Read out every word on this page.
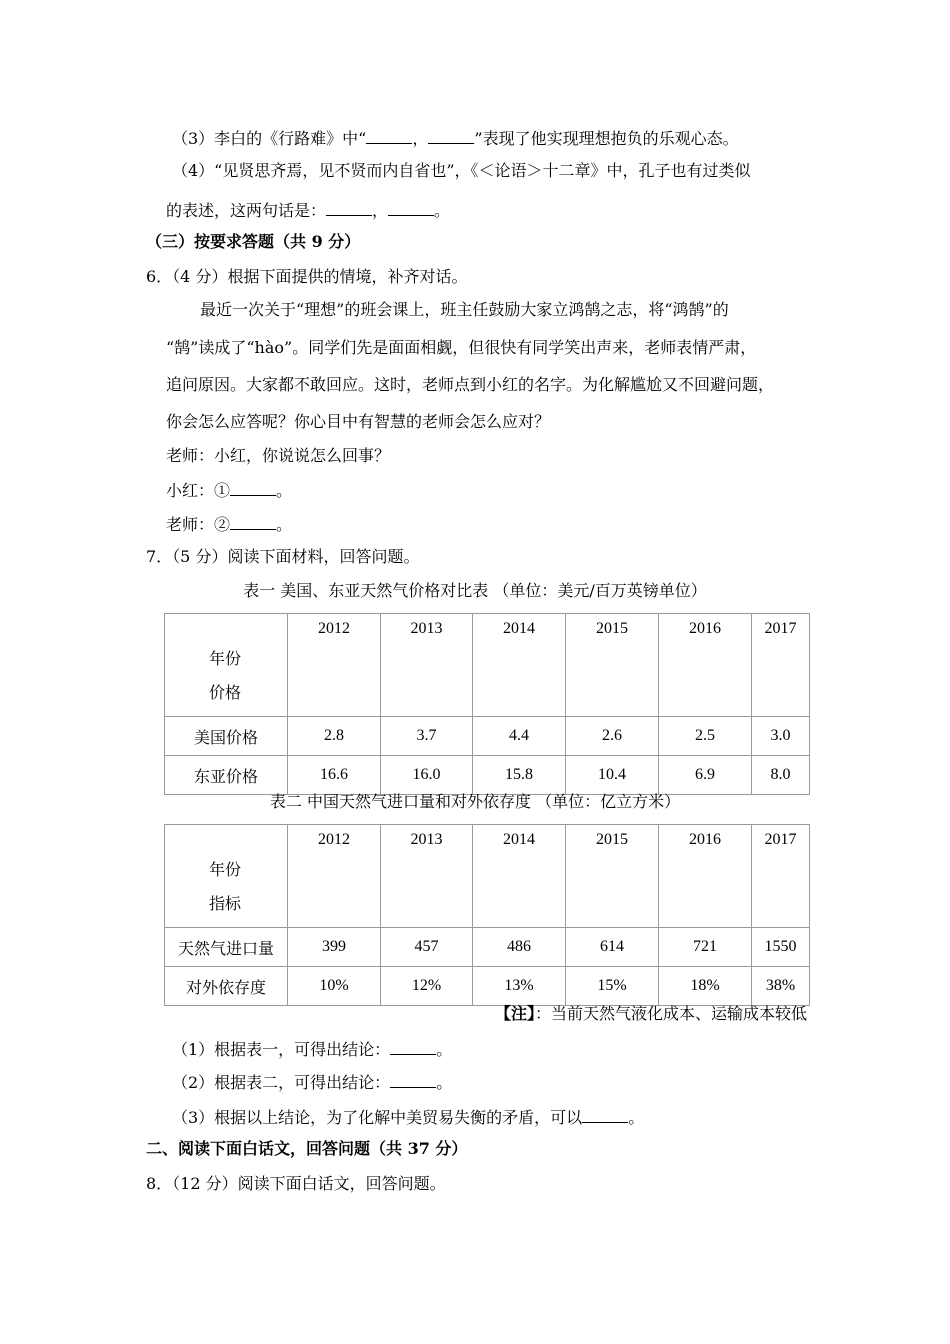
（3）李白的《行路难》中“	，	”表现了他实现理想抱负的乐观心态。
（4）“见贤思齐焉，见不贤而内自省也”，《＜论语＞十二章》中，孔子也有过类似
的表述，这两句话是：	，	。
（三）按要求答题（共 9 分）
6．（4 分）根据下面提供的情境，补齐对话。
最近一次关于“理想”的班会课上，班主任鼓励大家立鸿鹄之志，将“鸿鹄”的
“鹄”读成了“hào”。同学们先是面面相觑，但很快有同学笑出声来，老师表情严肃，
追问原因。大家都不敢回应。这时，老师点到小红的名字。为化解尴尬又不回避问题，
你会怎么应答呢？你心目中有智慧的老师会怎么应对？
老师：小红，你说说怎么回事？
小红：①	。
老师：②	。
7．（5 分）阅读下面材料，回答问题。
表一 美国、东亚天然气价格对比表 （单位：美元/百万英镑单位）
年份
价格	2012	2013	2014	2015	2016	2017
美国价格	2.8	3.7	4.4	2.6	2.5	3.0
东亚价格	16.6	16.0	15.8	10.4	6.9	8.0
表二 中国天然气进口量和对外依存度 （单位：亿立方米）
年份
指标	2012	2013	2014	2015	2016	2017
天然气进口量	399	457	486	614	721	1550
对外依存度	10%	12%	13%	15%	18%	38%
【注】：当前天然气液化成本、运输成本较低
（1）根据表一，可得出结论：	。
（2）根据表二，可得出结论：	。
（3）根据以上结论，为了化解中美贸易失衡的矛盾，可以	。
二、阅读下面白话文，回答问题（共 37 分）
8．（12 分）阅读下面白话文，回答问题。
